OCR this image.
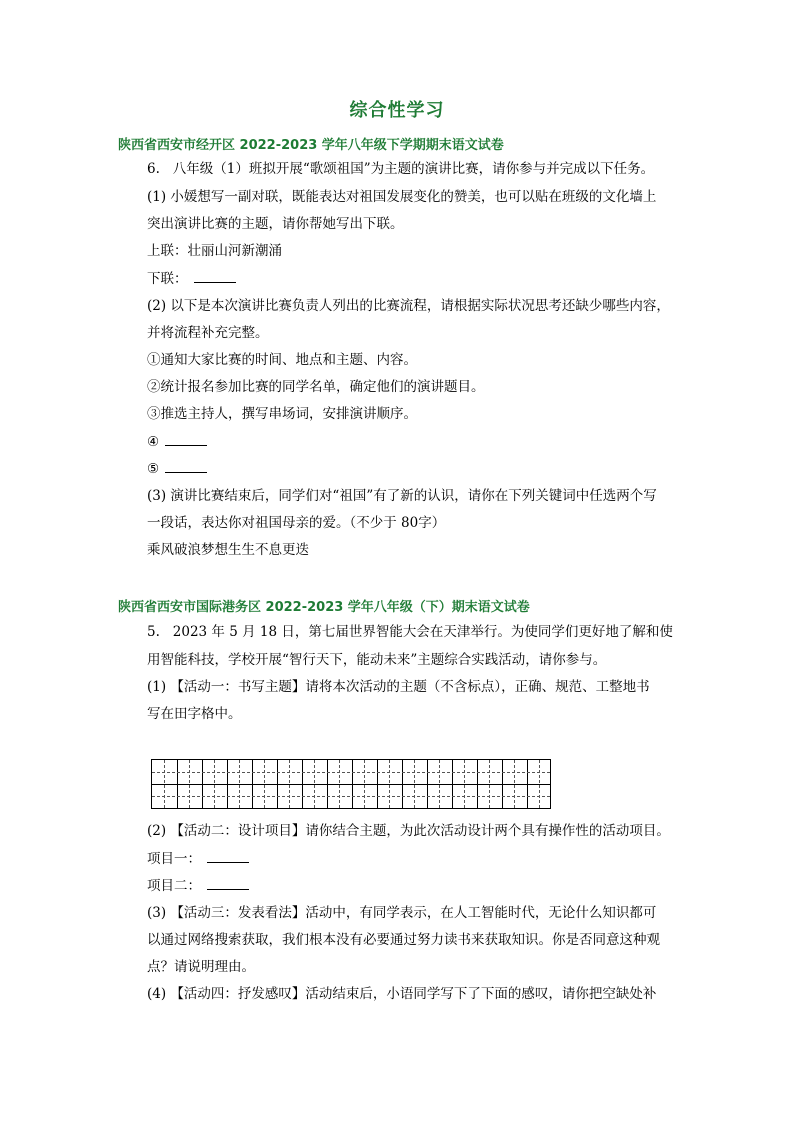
综合性学习
陕西省西安市经开区 2022-2023 学年八年级下学期期末语文试卷
6. 八年级（1）班拟开展“歌颂祖国”为主题的演讲比赛，请你参与并完成以下任务。
(1) 小媛想写一副对联，既能表达对祖国发展变化的赞美，也可以贴在班级的文化墙上
突出演讲比赛的主题，请你帮她写出下联。
上联：壮丽山河新潮涌
下联：
(2) 以下是本次演讲比赛负责人列出的比赛流程，请根据实际状况思考还缺少哪些内容，
并将流程补充完整。
①通知大家比赛的时间、地点和主题、内容。
②统计报名参加比赛的同学名单，确定他们的演讲题目。
③推选主持人，撰写串场词，安排演讲顺序。
④
⑤
(3) 演讲比赛结束后，同学们对“祖国”有了新的认识，请你在下列关键词中任选两个写
一段话，表达你对祖国母亲的爱。（不少于 80字）
乘风破浪梦想生生不息更迭
陕西省西安市国际港务区 2022-2023 学年八年级（下）期末语文试卷
5. 2023 年 5 月 18 日，第七届世界智能大会在天津举行。为使同学们更好地了解和使
用智能科技，学校开展“智行天下，能动未来”主题综合实践活动，请你参与。
(1) 【活动一：书写主题】请将本次活动的主题（不含标点），正确、规范、工整地书
写在田字格中。
(2) 【活动二：设计项目】请你结合主题，为此次活动设计两个具有操作性的活动项目。
项目一：
项目二：
(3) 【活动三：发表看法】活动中，有同学表示，在人工智能时代，无论什么知识都可
以通过网络搜索获取，我们根本没有必要通过努力读书来获取知识。你是否同意这种观
点？请说明理由。
(4) 【活动四：抒发感叹】活动结束后，小语同学写下了下面的感叹，请你把空缺处补
